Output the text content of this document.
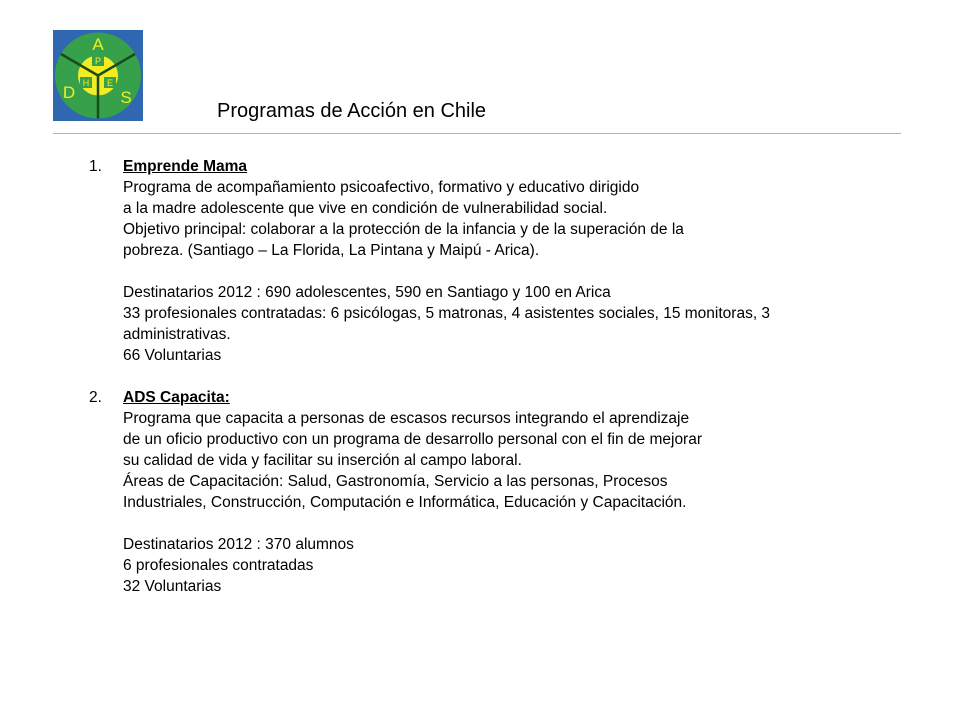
P
H E
A
D	S
Programas de Acción en Chile
1.	Emprende Mama
Programa de acompañamiento psicoafectivo, formativo y educativo dirigido
a la madre adolescente que vive en condición de vulnerabilidad social.
Objetivo principal: colaborar a la protección de la infancia y de la superación de la
pobreza. (Santiago – La Florida, La Pintana y Maipú - Arica).
Destinatarios 2012 : 690 adolescentes, 590 en Santiago y 100 en Arica
33 profesionales contratadas: 6 psicólogas, 5 matronas, 4 asistentes sociales, 15 monitoras, 3
administrativas.
66 Voluntarias
2.	ADS Capacita:
Programa que capacita a personas de escasos recursos integrando el aprendizaje
de un oficio productivo con un programa de desarrollo personal con el fin de mejorar
su calidad de vida y facilitar su inserción al campo laboral.
Áreas de Capacitación: Salud, Gastronomía, Servicio a las personas, Procesos
Industriales, Construcción, Computación e Informática, Educación y Capacitación.
Destinatarios 2012 : 370 alumnos
6 profesionales contratadas
32 Voluntarias
